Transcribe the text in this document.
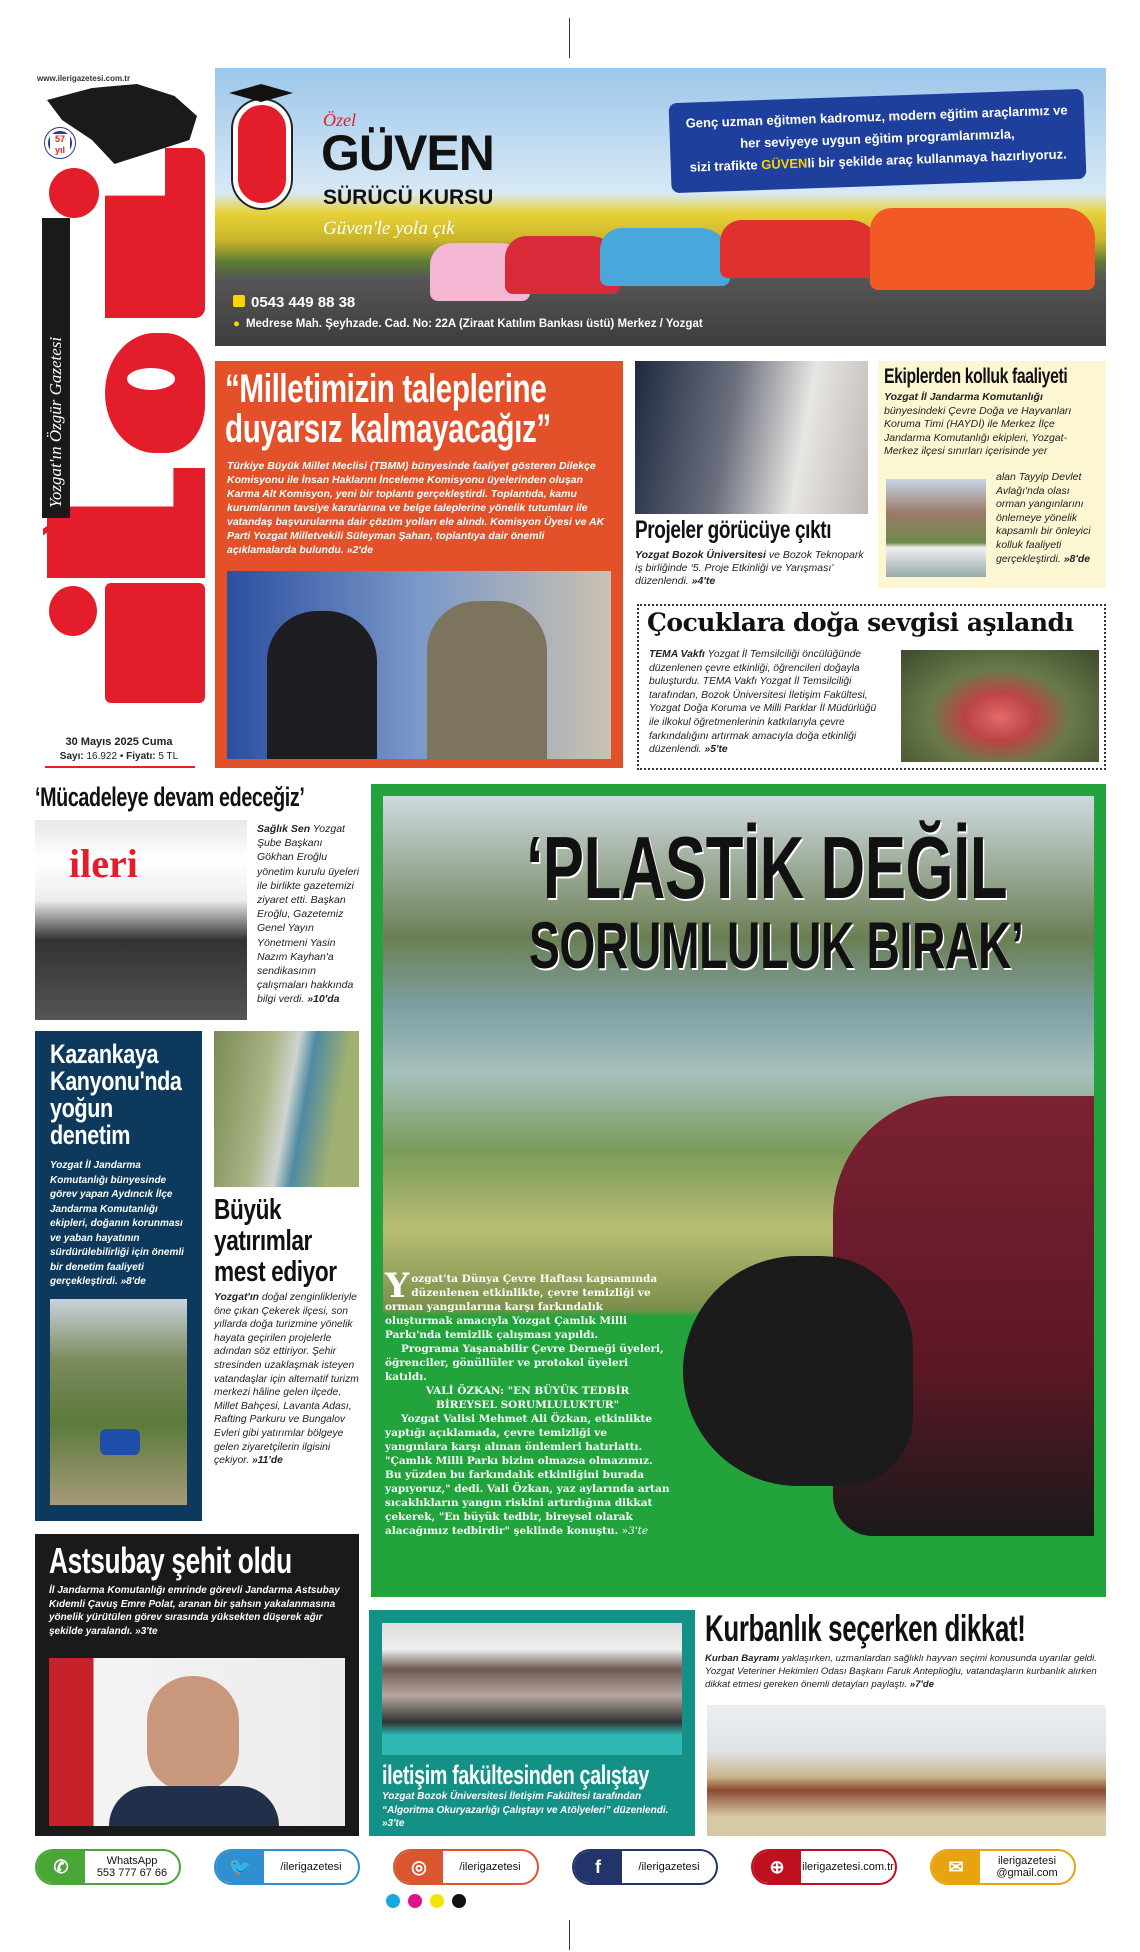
www.ilerigazetesi.com.tr
57 yıl
Yozgat'ın Özgür Gazetesi
30 Mayıs 2025 Cuma
Sayı: 16.922 • Fiyatı: 5 TL
Özel
GÜVEN
SÜRÜCÜ KURSU
Güven'le yola çık
Genç uzman eğitmen kadromuz, modern eğitim araçlarımız ve
her seviyeye uygun eğitim programlarımızla,
sizi trafikte GÜVENli bir şekilde araç kullanmaya hazırlıyoruz.
0543 449 88 38
● Medrese Mah. Şeyhzade. Cad. No: 22A (Ziraat Katılım Bankası üstü) Merkez / Yozgat
“Milletimizin taleplerine
duyarsız kalmayacağız”

Türkiye Büyük Millet Meclisi (TBMM) bünyesinde faaliyet gösteren Dilekçe Komisyonu ile İnsan Haklarını İnceleme Komisyonu üyelerinden oluşan Karma Alt Komisyon, yeni bir toplantı gerçekleştirdi. Toplantıda, kamu kurumlarının tavsiye kararlarına ve belge taleplerine yönelik tutumları ile vatandaş başvurularına dair çözüm yolları ele alındı. Komisyon Üyesi ve AK Parti Yozgat Milletvekili Süleyman Şahan, toplantıya dair önemli açıklamalarda bulundu. »2'de

Projeler görücüye çıktı

Yozgat Bozok Üniversitesi ve Bozok Teknopark iş birliğinde ‘5. Proje Etkinliği ve Yarışması’ düzenlendi. »4'te

Ekiplerden kolluk faaliyeti

Yozgat İl Jandarma Komutanlığı
bünyesindeki Çevre Doğa ve Hayvanları Koruma Timi (HAYDİ) ile Merkez İlçe Jandarma Komutanlığı ekipleri, Yozgat-Merkez ilçesi sınırları içerisinde yer

alan Tayyip Devlet Avlağı'nda olası orman yangınlarını önlemeye yönelik kapsamlı bir önleyici kolluk faaliyeti gerçekleştirdi. »8'de

Çocuklara doğa sevgisi aşılandı

TEMA Vakfı Yozgat İl Temsilciliği öncülüğünde düzenlenen çevre etkinliği, öğrencileri doğayla buluşturdu. TEMA Vakfı Yozgat İl Temsilciliği tarafından, Bozok Üniversitesi İletişim Fakültesi, Yozgat Doğa Koruma ve Milli Parklar İl Müdürlüğü ile ilkokul öğretmenlerinin katkılarıyla çevre farkındalığını artırmak amacıyla doğa etkinliği düzenlendi. »5'te

‘Mücadeleye devam edeceğiz’
ileri

Sağlık Sen Yozgat Şube Başkanı Gökhan Eroğlu yönetim kurulu üyeleri ile birlikte gazetemizi ziyaret etti. Başkan Eroğlu, Gazetemiz Genel Yayın Yönetmeni Yasin Nazım Kayhan'a sendikasının çalışmaları hakkında bilgi verdi. »10'da

Kazankaya Kanyonu'nda yoğun denetim

Yozgat İl Jandarma Komutanlığı bünyesinde görev yapan Aydıncık İlçe Jandarma Komutanlığı ekipleri, doğanın korunması ve yaban hayatının sürdürülebilirliği için önemli bir denetim faaliyeti gerçekleştirdi. »8'de

Büyük
yatırımlar
mest ediyor

Yozgat'ın doğal zenginlikleriyle öne çıkan Çekerek ilçesi, son yıllarda doğa turizmine yönelik hayata geçirilen projelerle adından söz ettiriyor. Şehir stresinden uzaklaşmak isteyen vatandaşlar için alternatif turizm merkezi hâline gelen ilçede, Millet Bahçesi, Lavanta Adası, Rafting Parkuru ve Bungalov Evleri gibi yatırımlar bölgeye gelen ziyaretçilerin ilgisini çekiyor. »11'de

‘PLASTİK DEĞİL SORUMLULUK BIRAK’

Yozgat'ta Dünya Çevre Haftası kapsamında düzenlenen etkinlikte, çevre temizliği ve orman yangınlarına karşı farkındalık oluşturmak amacıyla Yozgat Çamlık Milli Parkı'nda temizlik çalışması yapıldı.

Programa Yaşanabilir Çevre Derneği üyeleri, öğrenciler, gönüllüler ve protokol üyeleri katıldı.

VALİ ÖZKAN: "EN BÜYÜK TEDBİR BİREYSEL SORUMLULUKTUR"

Yozgat Valisi Mehmet Ali Özkan, etkinlikte yaptığı açıklamada, çevre temizliği ve yangınlara karşı alınan önlemleri hatırlattı. "Çamlık Milli Parkı bizim olmazsa olmazımız. Bu yüzden bu farkındalık etkinliğini burada yapıyoruz," dedi. Vali Özkan, yaz aylarında artan sıcaklıkların yangın riskini artırdığına dikkat çekerek, "En büyük tedbir, bireysel olarak alacağımız tedbirdir" şeklinde konuştu. »3'te

Astsubay şehit oldu

İl Jandarma Komutanlığı emrinde görevli Jandarma Astsubay Kıdemli Çavuş Emre Polat, aranan bir şahsın yakalanmasına yönelik yürütülen görev sırasında yüksekten düşerek ağır şekilde yaralandı. »3'te

iletişim fakültesinden çalıştay

Yozgat Bozok Üniversitesi İletişim Fakültesi tarafından “Algoritma Okuryazarlığı Çalıştayı ve Atölyeleri” düzenlendi. »3'te

Kurbanlık seçerken dikkat!

Kurban Bayramı yaklaşırken, uzmanlardan sağlıklı hayvan seçimi konusunda uyarılar geldi. Yozgat Veteriner Hekimleri Odası Başkanı Faruk Anteplioğlu, vatandaşların kurbanlık alırken dikkat etmesi gereken önemli detayları paylaştı. »7'de

✆	WhatsApp
553 777 67 66	🐦	/ilerigazetesi	◎	/ilerigazetesi	f	/ilerigazetesi	⊕	ilerigazetesi.com.tr	✉	ilerigazetesi
@gmail.com
